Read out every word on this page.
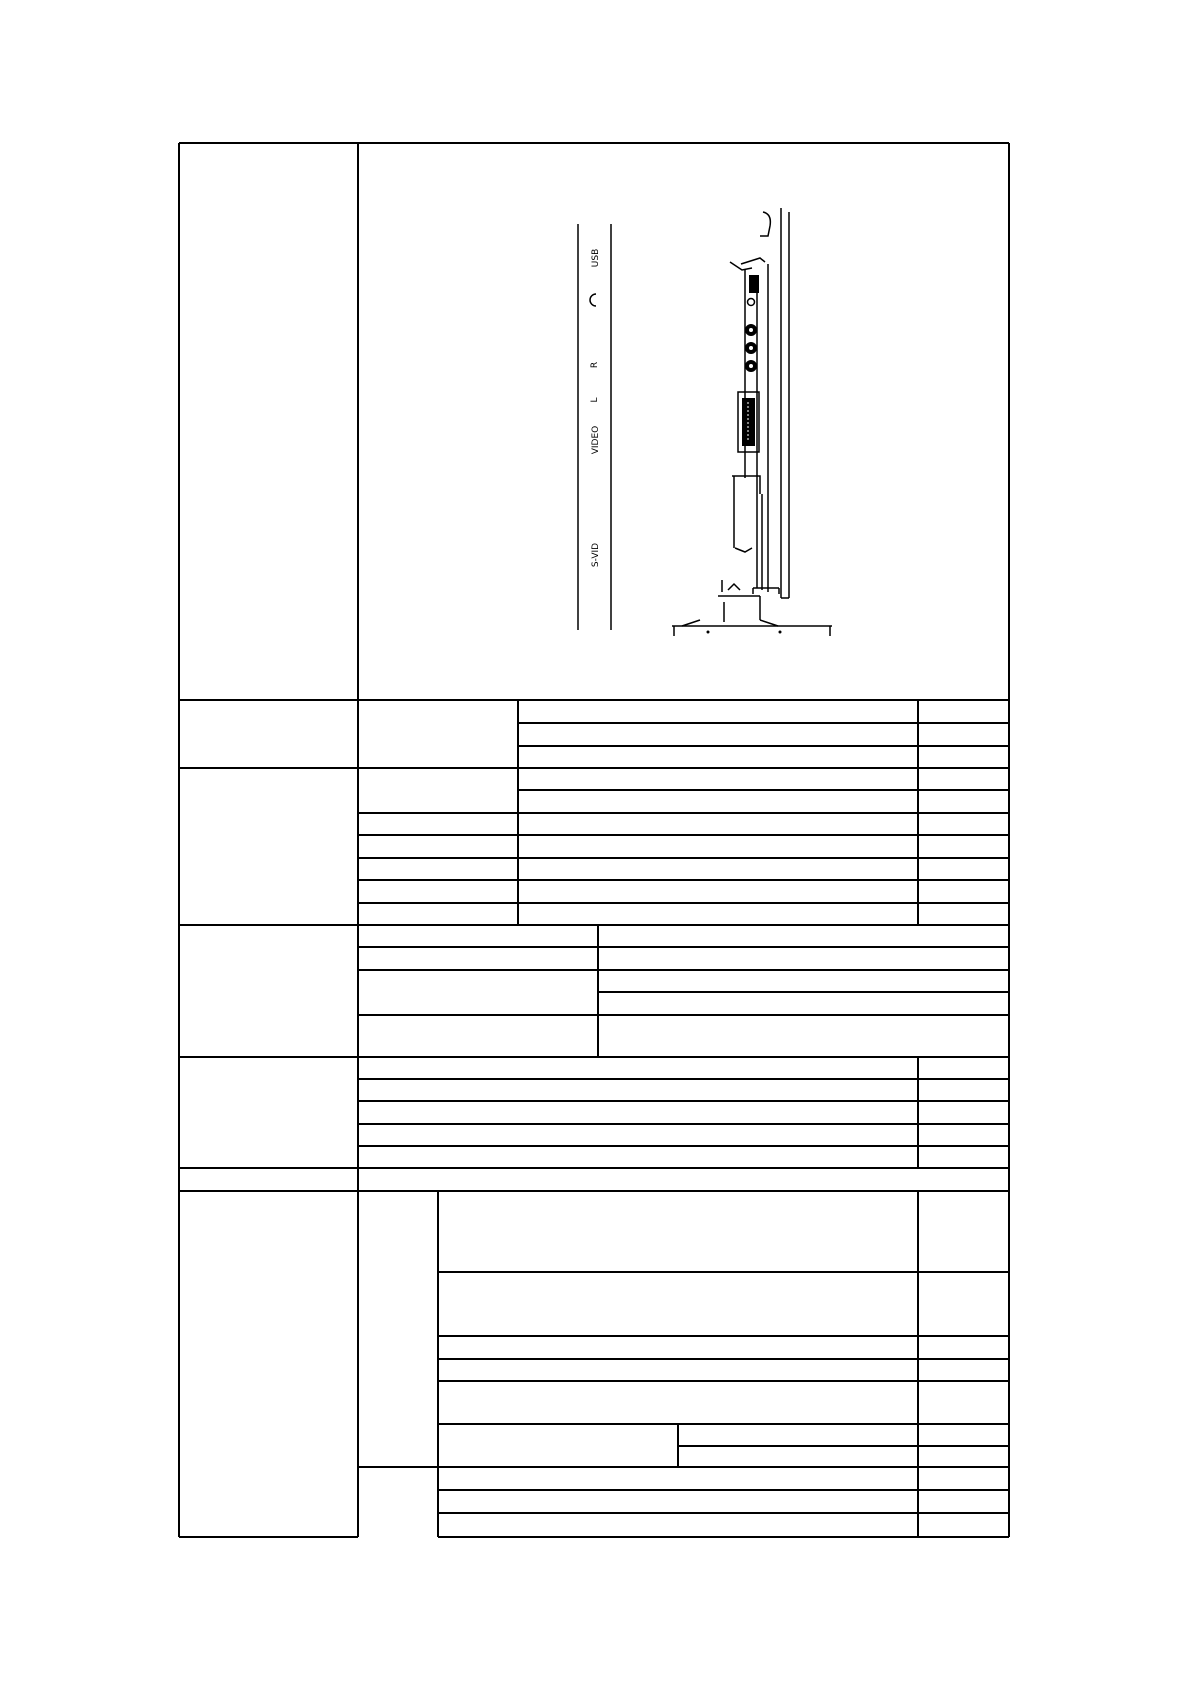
USB
R
L
VIDEO
S-VID
